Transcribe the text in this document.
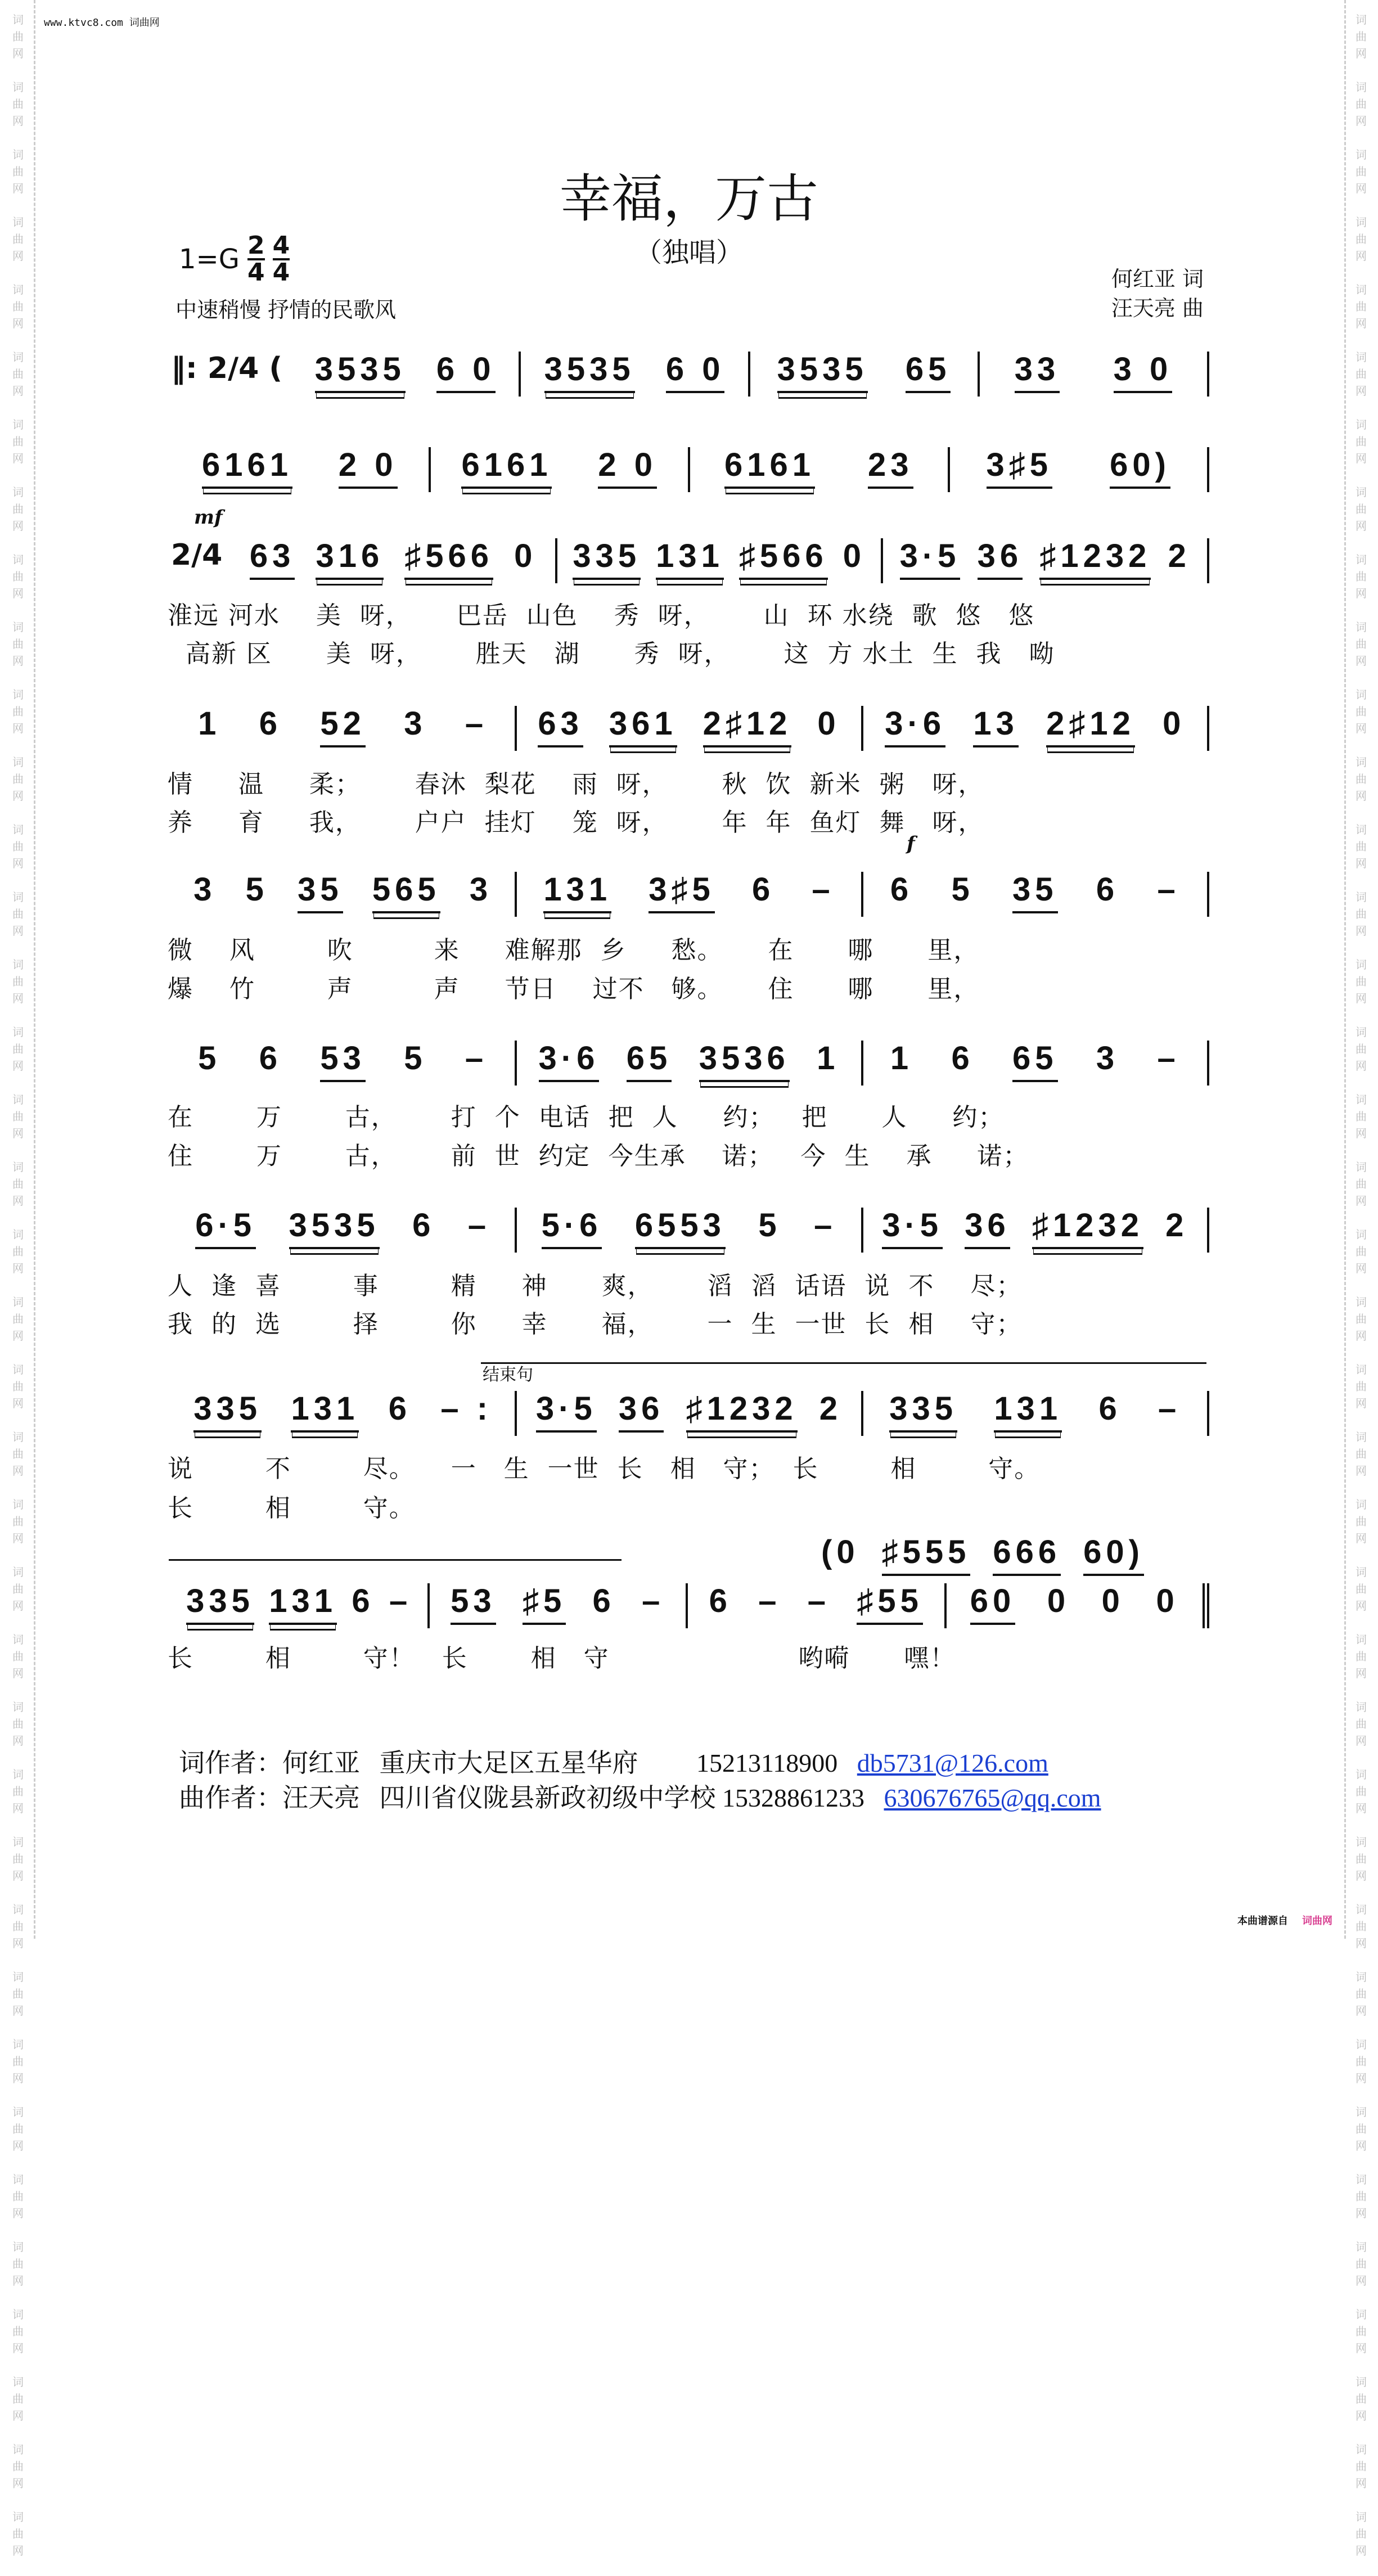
词
曲
网

词
曲
网

词
曲
网

词
曲
网

词
曲
网

词
曲
网

词
曲
网

词
曲
网

词
曲
网

词
曲
网

词
曲
网

词
曲
网

词
曲
网

词
曲
网

词
曲
网

词
曲
网

词
曲
网

词
曲
网

词
曲
网

词
曲
网

词
曲
网

词
曲
网

词
曲
网

词
曲
网

词
曲
网

词
曲
网

词
曲
网

词
曲
网

词
曲
网

词
曲
网

词
曲
网

词
曲
网

词
曲
网

词
曲
网

词
曲
网

词
曲
网

词
曲
网

词
曲
网

词
曲
网

词
曲
网

词
曲
网

词
曲
网

词
曲
网

词
曲
网

词
曲
网

词
曲
网

词
曲
网

词
曲
网

词
曲
网

词
曲
网

词
曲
网

词
曲
网

词
曲
网

词
曲
网

词
曲
网

词
曲
网

词
曲
网

词
曲
网

词
曲
网

词
曲
网

词
曲
网

词
曲
网

词
曲
网

词
曲
网

词
曲
网

词
曲
网

词
曲
网

词
曲
网

词
曲
网

词
曲
网

词
曲
网

词
曲
网

词
曲
网

词
曲
网

词
曲
网

词
曲
网

www.ktvc8.com 词曲网
本曲谱源自 词曲网
幸福，万古
（独唱）
$1=G \frac{2}{4} \frac{4}{4}$
中速稍慢 抒情的民歌风
何红亚 词
汪天亮 曲
mf
f
结束句
(0 ♯555 666 60)
‖: 2/4 ( 3535 6 0 3535 6 0 3535 65 33 3 0
6161 2 0 6161 2 0 6161 23 3♯5 60)
2/4 63 316 ♯566 0 335 131 ♯566 0 3·5 36 ♯1232 2
1 6 52 3 – 63 361 2♯12 0 3·6 13 2♯12 0
3 5 35 565 3 131 3♯5 6 – 6 5 35 6 –
5 6 53 5 – 3·6 65 3536 1 1 6 65 3 –
6·5 3535 6 – 5·6 6553 5 – 3·5 36 ♯1232 2
335 131 6 – : 3·5 36 ♯1232 2 335 131 6 –
335 131 6 – 53 ♯5 6 – 6 – – ♯55 60 0 0 0
淮远 河水    美  呀，     巴岳  山色    秀  呀，      山  环 水绕  歌  悠   悠
高新 区      美  呀，      胜天   湖      秀  呀，      这  方 水土  生  我   呦
情     温     柔；      春沐  梨花    雨  呀，      秋  饮  新米  粥   呀，
养     育     我，      户户  挂灯    笼  呀，      年  年  鱼灯  舞   呀，
微    风        吹         来     难解那  乡     愁。     在      哪      里，
爆    竹        声         声     节日    过不   够。     住      哪      里，
在       万       古，      打  个  电话  把  人     约；   把      人     约；
住       万       古，      前  世  约定  今生承    诺；   今  生    承     诺；
人  逢  喜        事        精     神      爽，      滔  滔  话语  说  不    尽；
我  的  选        择        你     幸      福，      一  生  一世  长  相    守；
说        不        尽。    一   生  一世  长   相   守；  长        相        守。
长        相        守。
长        相        守！   长       相   守                     哟嗬      嘿！
词作者：何红亚 重庆市大足区五星华府 15213118900 db5731@126.com
曲作者：汪天亮 四川省仪陇县新政初级中学校 15328861233 630676765@qq.com
